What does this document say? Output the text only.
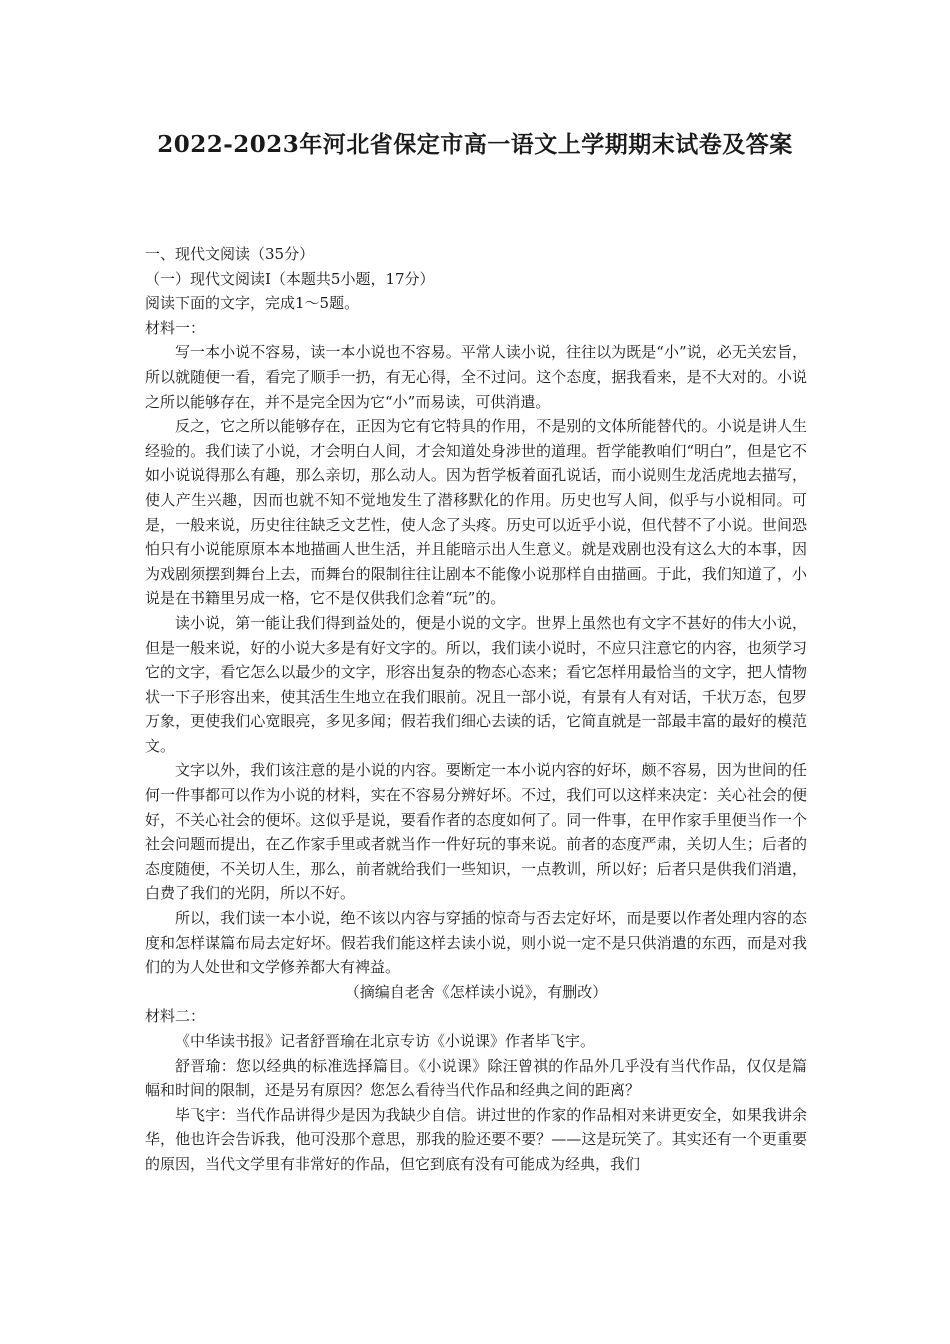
2022-2023年河北省保定市高一语文上学期期末试卷及答案

一、现代文阅读（35分）

（一）现代文阅读I（本题共5小题，17分）

阅读下面的文字，完成1～5题。

材料一：

写一本小说不容易，读一本小说也不容易。平常人读小说，往往以为既是“小”说，必无关宏旨，所以就随便一看，看完了顺手一扔，有无心得，全不过问。这个态度，据我看来，是不大对的。小说之所以能够存在，并不是完全因为它“小”而易读，可供消遣。

反之，它之所以能够存在，正因为它有它特具的作用，不是别的文体所能替代的。小说是讲人生经验的。我们读了小说，才会明白人间，才会知道处身涉世的道理。哲学能教咱们“明白”，但是它不如小说说得那么有趣，那么亲切，那么动人。因为哲学板着面孔说话，而小说则生龙活虎地去描写，使人产生兴趣，因而也就不知不觉地发生了潜移默化的作用。历史也写人间，似乎与小说相同。可是，一般来说，历史往往缺乏文艺性，使人念了头疼。历史可以近乎小说，但代替不了小说。世间恐怕只有小说能原原本本地描画人世生活，并且能暗示出人生意义。就是戏剧也没有这么大的本事，因为戏剧须摆到舞台上去，而舞台的限制往往让剧本不能像小说那样自由描画。于此，我们知道了，小说是在书籍里另成一格，它不是仅供我们念着“玩”的。

读小说，第一能让我们得到益处的，便是小说的文字。世界上虽然也有文字不甚好的伟大小说，但是一般来说，好的小说大多是有好文字的。所以，我们读小说时，不应只注意它的内容，也须学习它的文字，看它怎么以最少的文字，形容出复杂的物态心态来；看它怎样用最恰当的文字，把人情物状一下子形容出来，使其活生生地立在我们眼前。况且一部小说，有景有人有对话，千状万态，包罗万象，更使我们心宽眼亮，多见多闻；假若我们细心去读的话，它简直就是一部最丰富的最好的模范文。

文字以外，我们该注意的是小说的内容。要断定一本小说内容的好坏，颇不容易，因为世间的任何一件事都可以作为小说的材料，实在不容易分辨好坏。不过，我们可以这样来决定：关心社会的便好，不关心社会的便坏。这似乎是说，要看作者的态度如何了。同一件事，在甲作家手里便当作一个社会问题而提出，在乙作家手里或者就当作一件好玩的事来说。前者的态度严肃，关切人生；后者的态度随便，不关切人生，那么，前者就给我们一些知识，一点教训，所以好；后者只是供我们消遣，白费了我们的光阴，所以不好。

所以，我们读一本小说，绝不该以内容与穿插的惊奇与否去定好坏，而是要以作者处理内容的态度和怎样谋篇布局去定好坏。假若我们能这样去读小说，则小说一定不是只供消遣的东西，而是对我们的为人处世和文学修养都大有裨益。

（摘编自老舍《怎样读小说》，有删改）

材料二：

《中华读书报》记者舒晋瑜在北京专访《小说课》作者毕飞宇。

舒晋瑜：您以经典的标准选择篇目。《小说课》除汪曾祺的作品外几乎没有当代作品，仅仅是篇幅和时间的限制，还是另有原因？您怎么看待当代作品和经典之间的距离？

毕飞宇：当代作品讲得少是因为我缺少自信。讲过世的作家的作品相对来讲更安全，如果我讲余华，他也许会告诉我，他可没那个意思，那我的脸还要不要？——这是玩笑了。其实还有一个更重要的原因，当代文学里有非常好的作品，但它到底有没有可能成为经典，我们
